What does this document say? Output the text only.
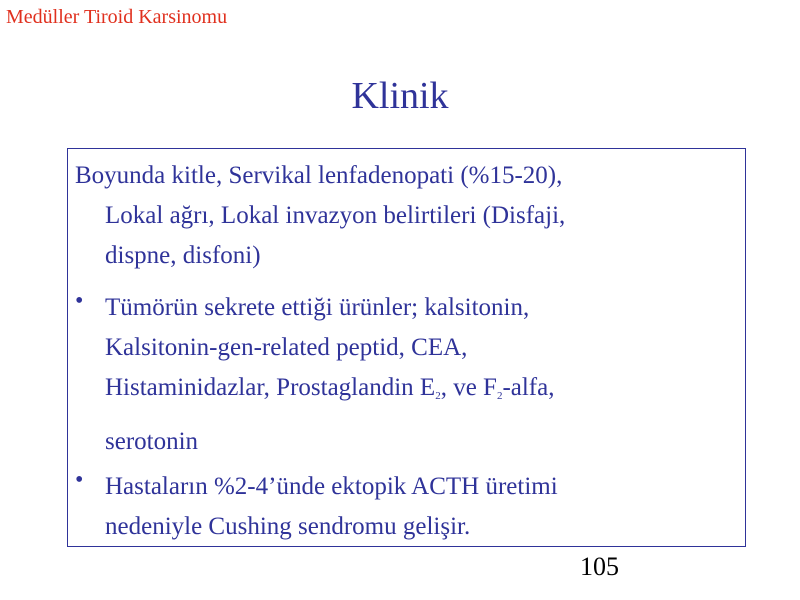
Medüller Tiroid Karsinomu
Klinik
Boyunda kitle, Servikal lenfadenopati (%15-20),
Lokal ağrı, Lokal invazyon belirtileri (Disfaji,
dispne, disfoni)
• Tümörün sekrete ettiği ürünler; kalsitonin,
Kalsitonin-gen-related peptid, CEA,
Histaminidazlar, Prostaglandin $E_2$, ve $F_2$-alfa,
serotonin
• Hastaların %2-4’ünde ektopik ACTH üretimi
nedeniyle Cushing sendromu gelişir.
105
